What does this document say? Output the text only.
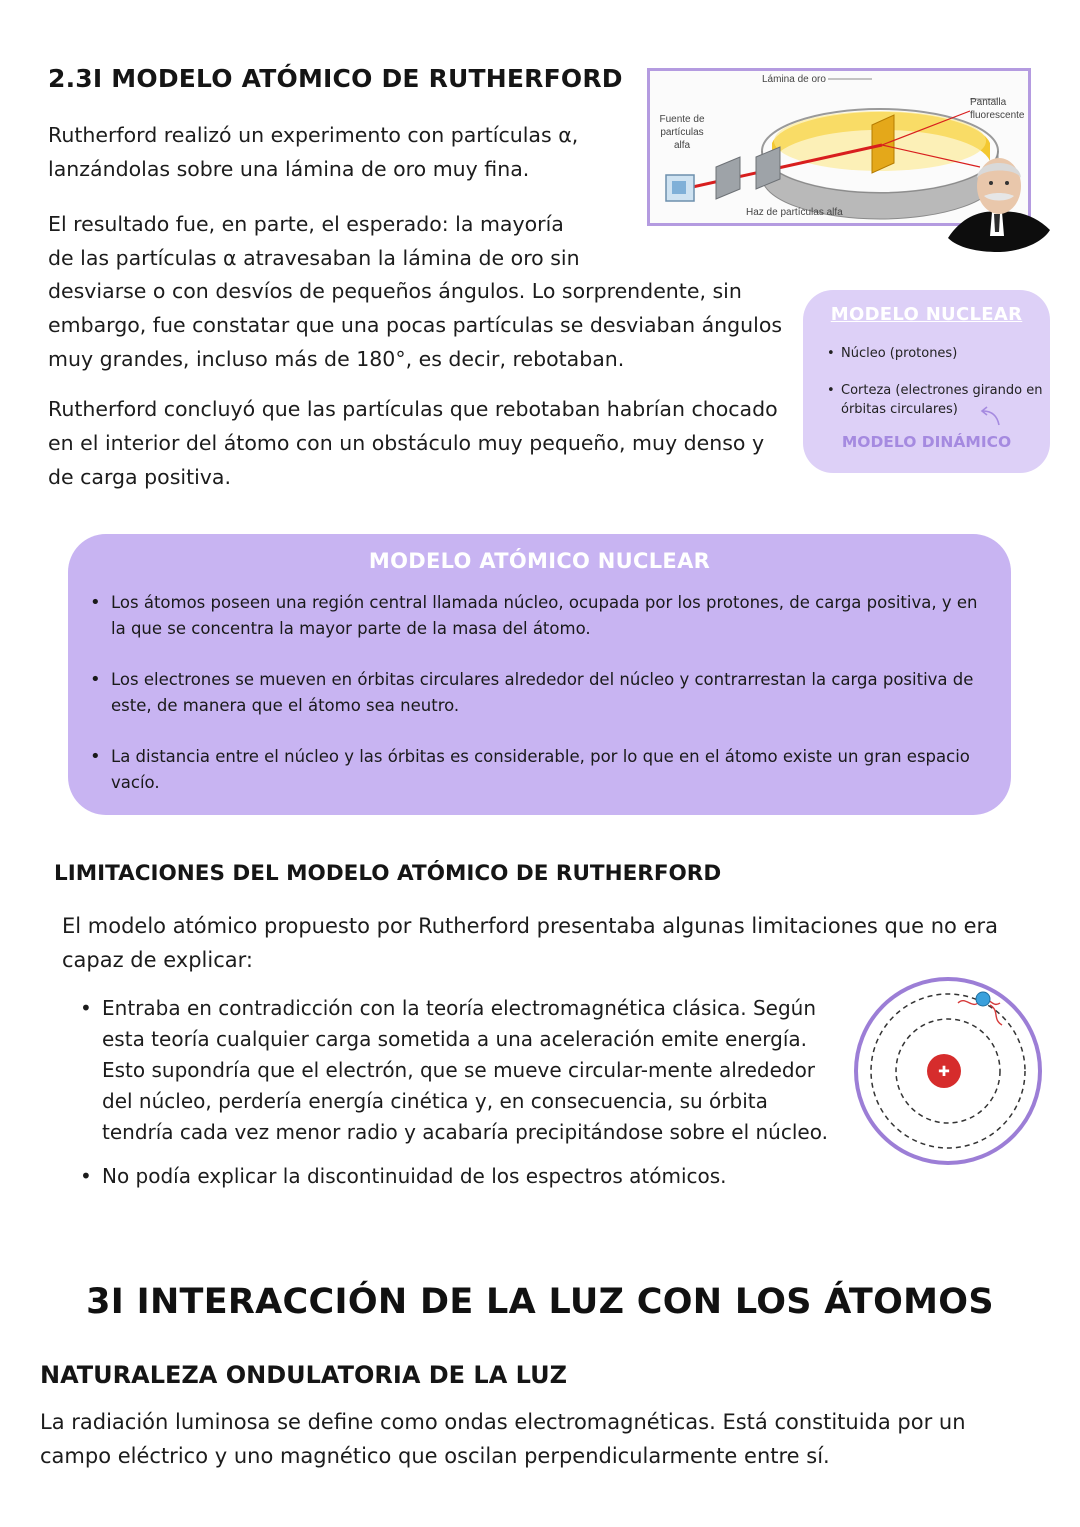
2.3I MODELO ATÓMICO DE RUTHERFORD
Rutherford realizó un experimento con partículas α, lanzándolas sobre una lámina de oro muy fina.
El resultado fue, en parte, el esperado: la mayoría
de las partículas α atravesaban la lámina de oro sin
desviarse o con desvíos de pequeños ángulos. Lo sorprendente, sin embargo, fue constatar que una pocas partículas se desviaban ángulos muy grandes, incluso más de 180°, es decir, rebotaban.
Rutherford concluyó que las partículas que rebotaban habrían chocado en el interior del átomo con un obstáculo muy pequeño, muy denso y de carga positiva.
Lámina de oro
Pantalla fluorescente
Fuente de partículas alfa
Haz de partículas alfa
MODELO NUCLEAR
• Núcleo (protones)
• Corteza (electrones girando en órbitas circulares)
MODELO DINÁMICO
MODELO ATÓMICO NUCLEAR
• Los átomos poseen una región central llamada núcleo, ocupada por los protones, de carga positiva, y en la que se concentra la mayor parte de la masa del átomo.
• Los electrones se mueven en órbitas circulares alrededor del núcleo y contrarrestan la carga positiva de este, de manera que el átomo sea neutro.
• La distancia entre el núcleo y las órbitas es considerable, por lo que en el átomo existe un gran espacio vacío.
LIMITACIONES DEL MODELO ATÓMICO DE RUTHERFORD
El modelo atómico propuesto por Rutherford presentaba algunas limitaciones que no era capaz de explicar:
• Entraba en contradicción con la teoría electromagnética clásica. Según esta teoría cualquier carga sometida a una aceleración emite energía. Esto supondría que el electrón, que se mueve circular-mente alrededor del núcleo, perdería energía cinética y, en consecuencia, su órbita tendría cada vez menor radio y acabaría precipitándose sobre el núcleo.
• No podía explicar la discontinuidad de los espectros atómicos.
✚
3I INTERACCIÓN DE LA LUZ CON LOS ÁTOMOS
NATURALEZA ONDULATORIA DE LA LUZ
La radiación luminosa se define como ondas electromagnéticas. Está constituida por un campo eléctrico y uno magnético que oscilan perpendicularmente entre sí.
